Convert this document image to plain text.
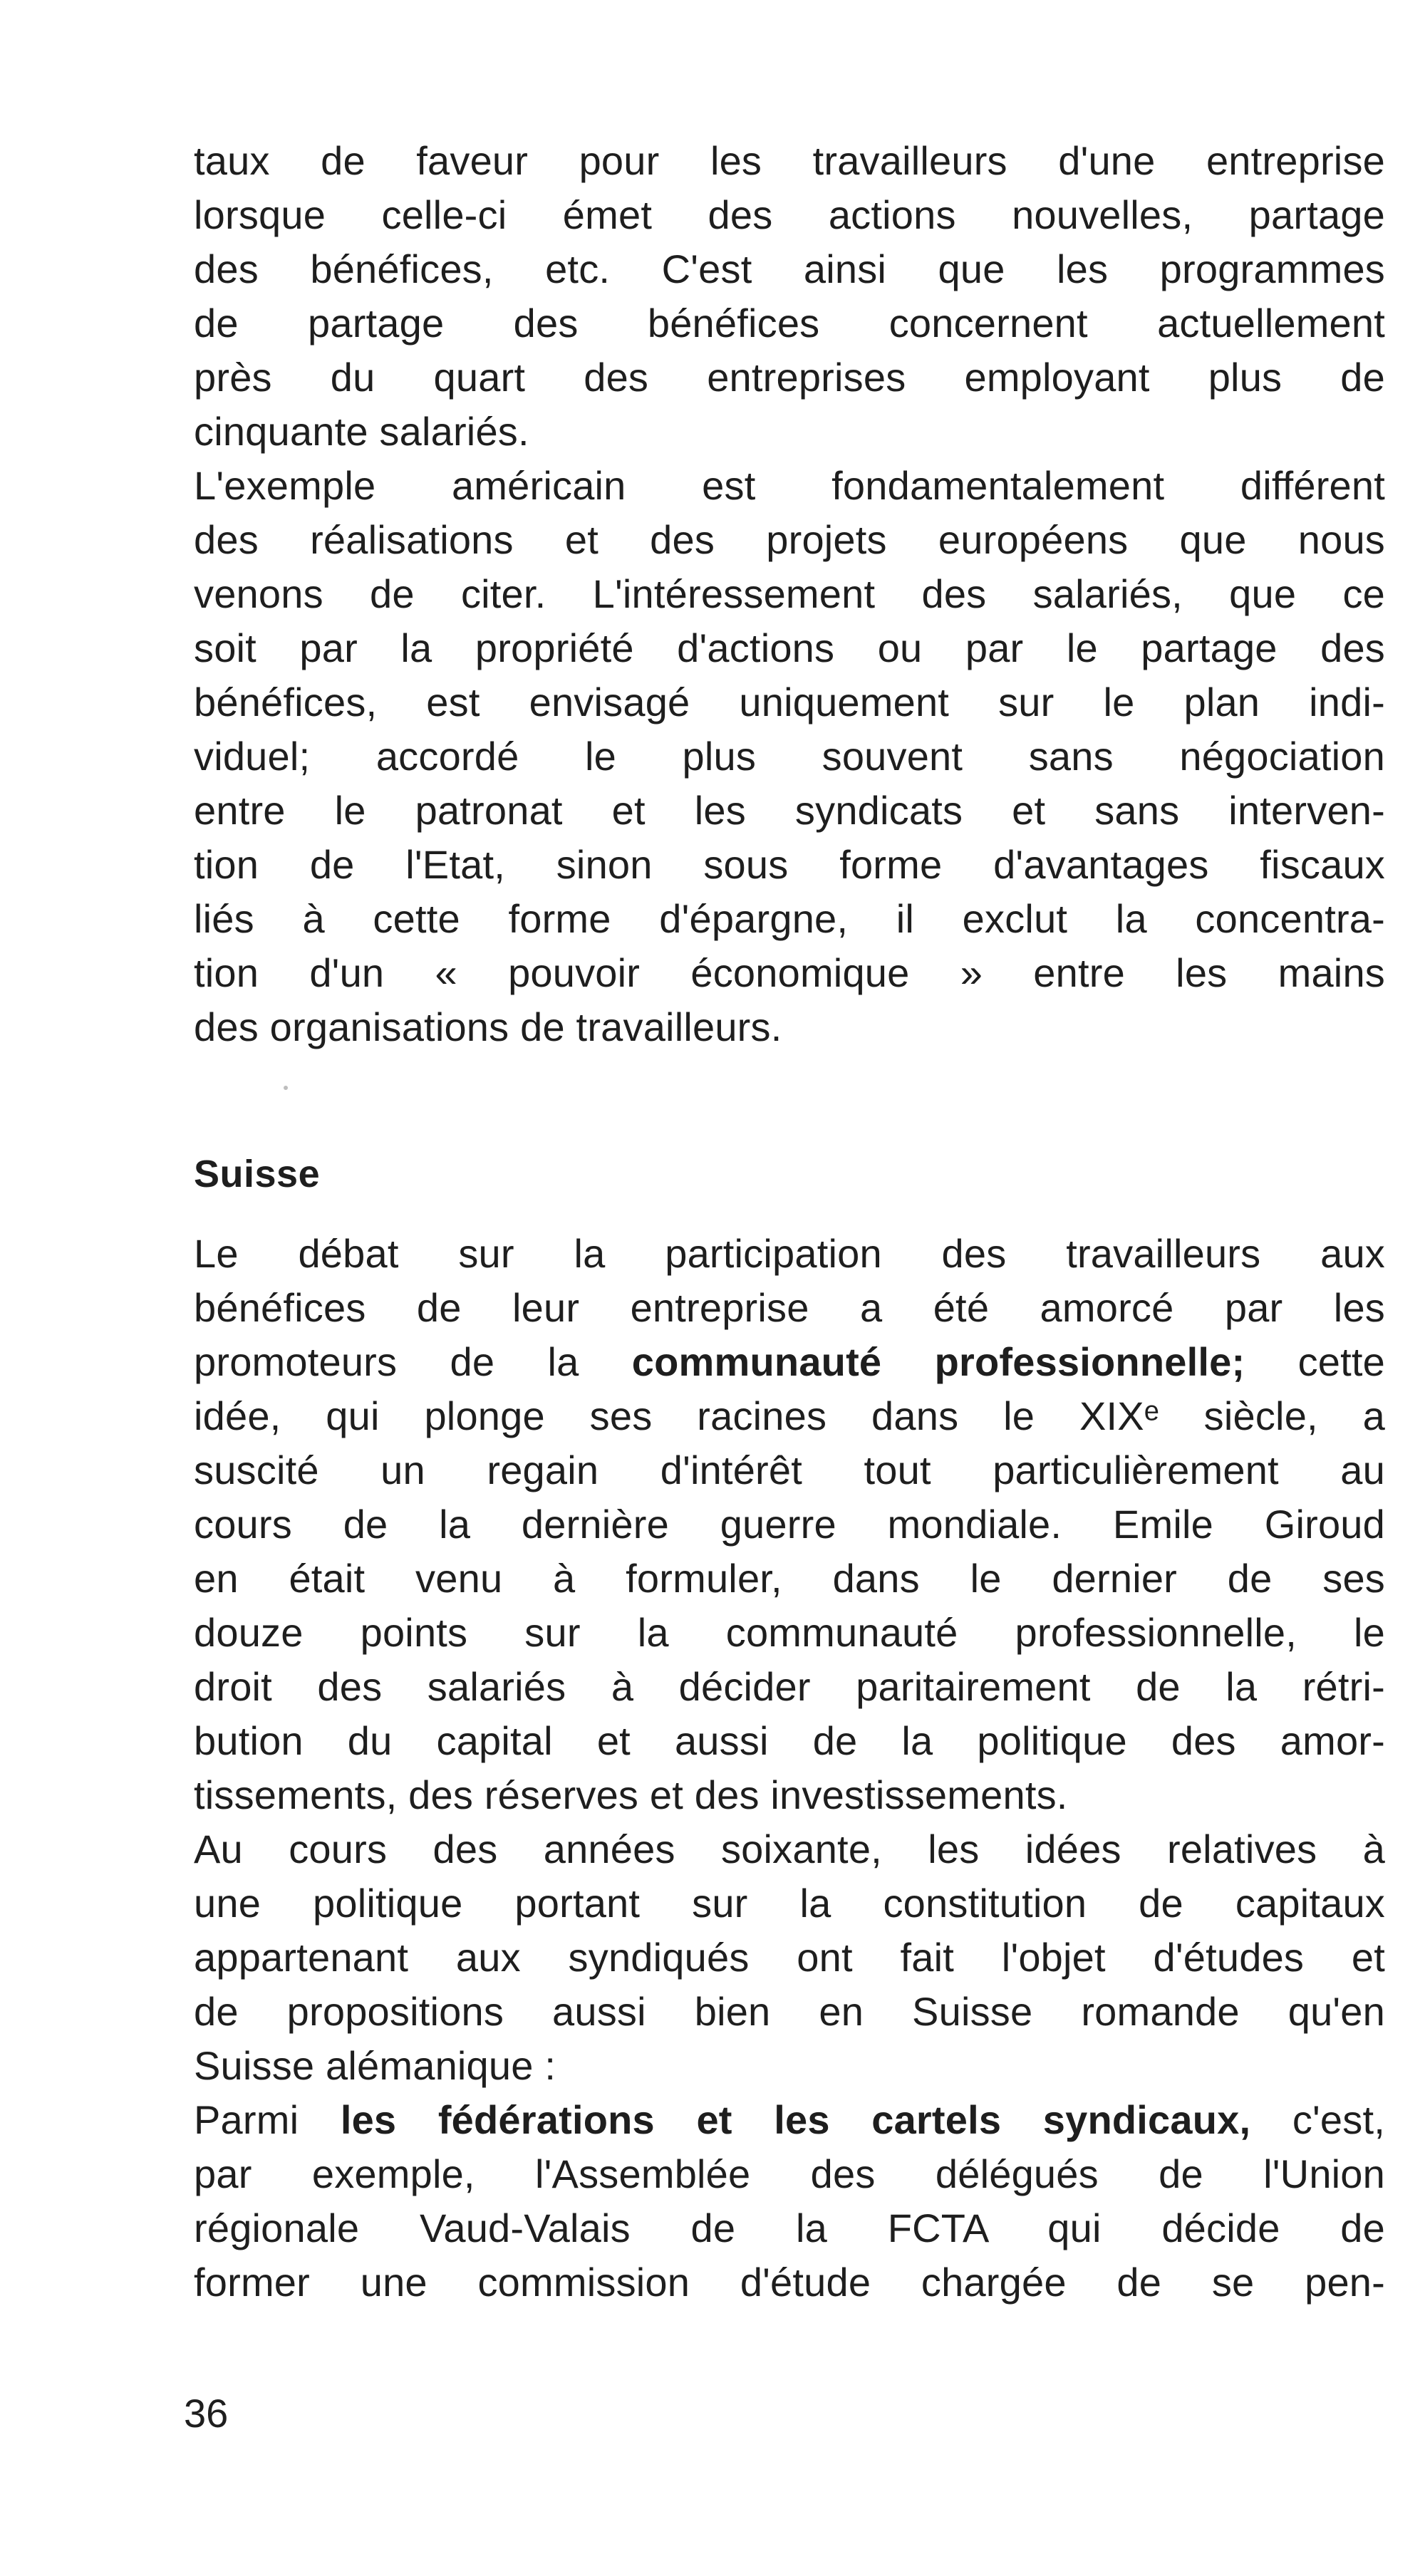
taux de faveur pour les travailleurs d'une entreprise
lorsque celle-ci émet des actions nouvelles, partage
des bénéfices, etc. C'est ainsi que les programmes
de partage des bénéfices concernent actuellement
près du quart des entreprises employant plus de
cinquante salariés.
L'exemple américain est fondamentalement différent
des réalisations et des projets européens que nous
venons de citer. L'intéressement des salariés, que ce
soit par la propriété d'actions ou par le partage des
bénéfices, est envisagé uniquement sur le plan indi-
viduel; accordé le plus souvent sans négociation
entre le patronat et les syndicats et sans interven-
tion de l'Etat, sinon sous forme d'avantages fiscaux
liés à cette forme d'épargne, il exclut la concentra-
tion d'un « pouvoir économique » entre les mains
des organisations de travailleurs.
Suisse
Le débat sur la participation des travailleurs aux
bénéfices de leur entreprise a été amorcé par les
promoteurs de la communauté professionnelle; cette
idée, qui plonge ses racines dans le XIXᵉ siècle, a
suscité un regain d'intérêt tout particulièrement au
cours de la dernière guerre mondiale. Emile Giroud
en était venu à formuler, dans le dernier de ses
douze points sur la communauté professionnelle, le
droit des salariés à décider paritairement de la rétri-
bution du capital et aussi de la politique des amor-
tissements, des réserves et des investissements.
Au cours des années soixante, les idées relatives à
une politique portant sur la constitution de capitaux
appartenant aux syndiqués ont fait l'objet d'études et
de propositions aussi bien en Suisse romande qu'en
Suisse alémanique :
Parmi les fédérations et les cartels syndicaux, c'est,
par exemple, l'Assemblée des délégués de l'Union
régionale Vaud-Valais de la FCTA qui décide de
former une commission d'étude chargée de se pen-
36
